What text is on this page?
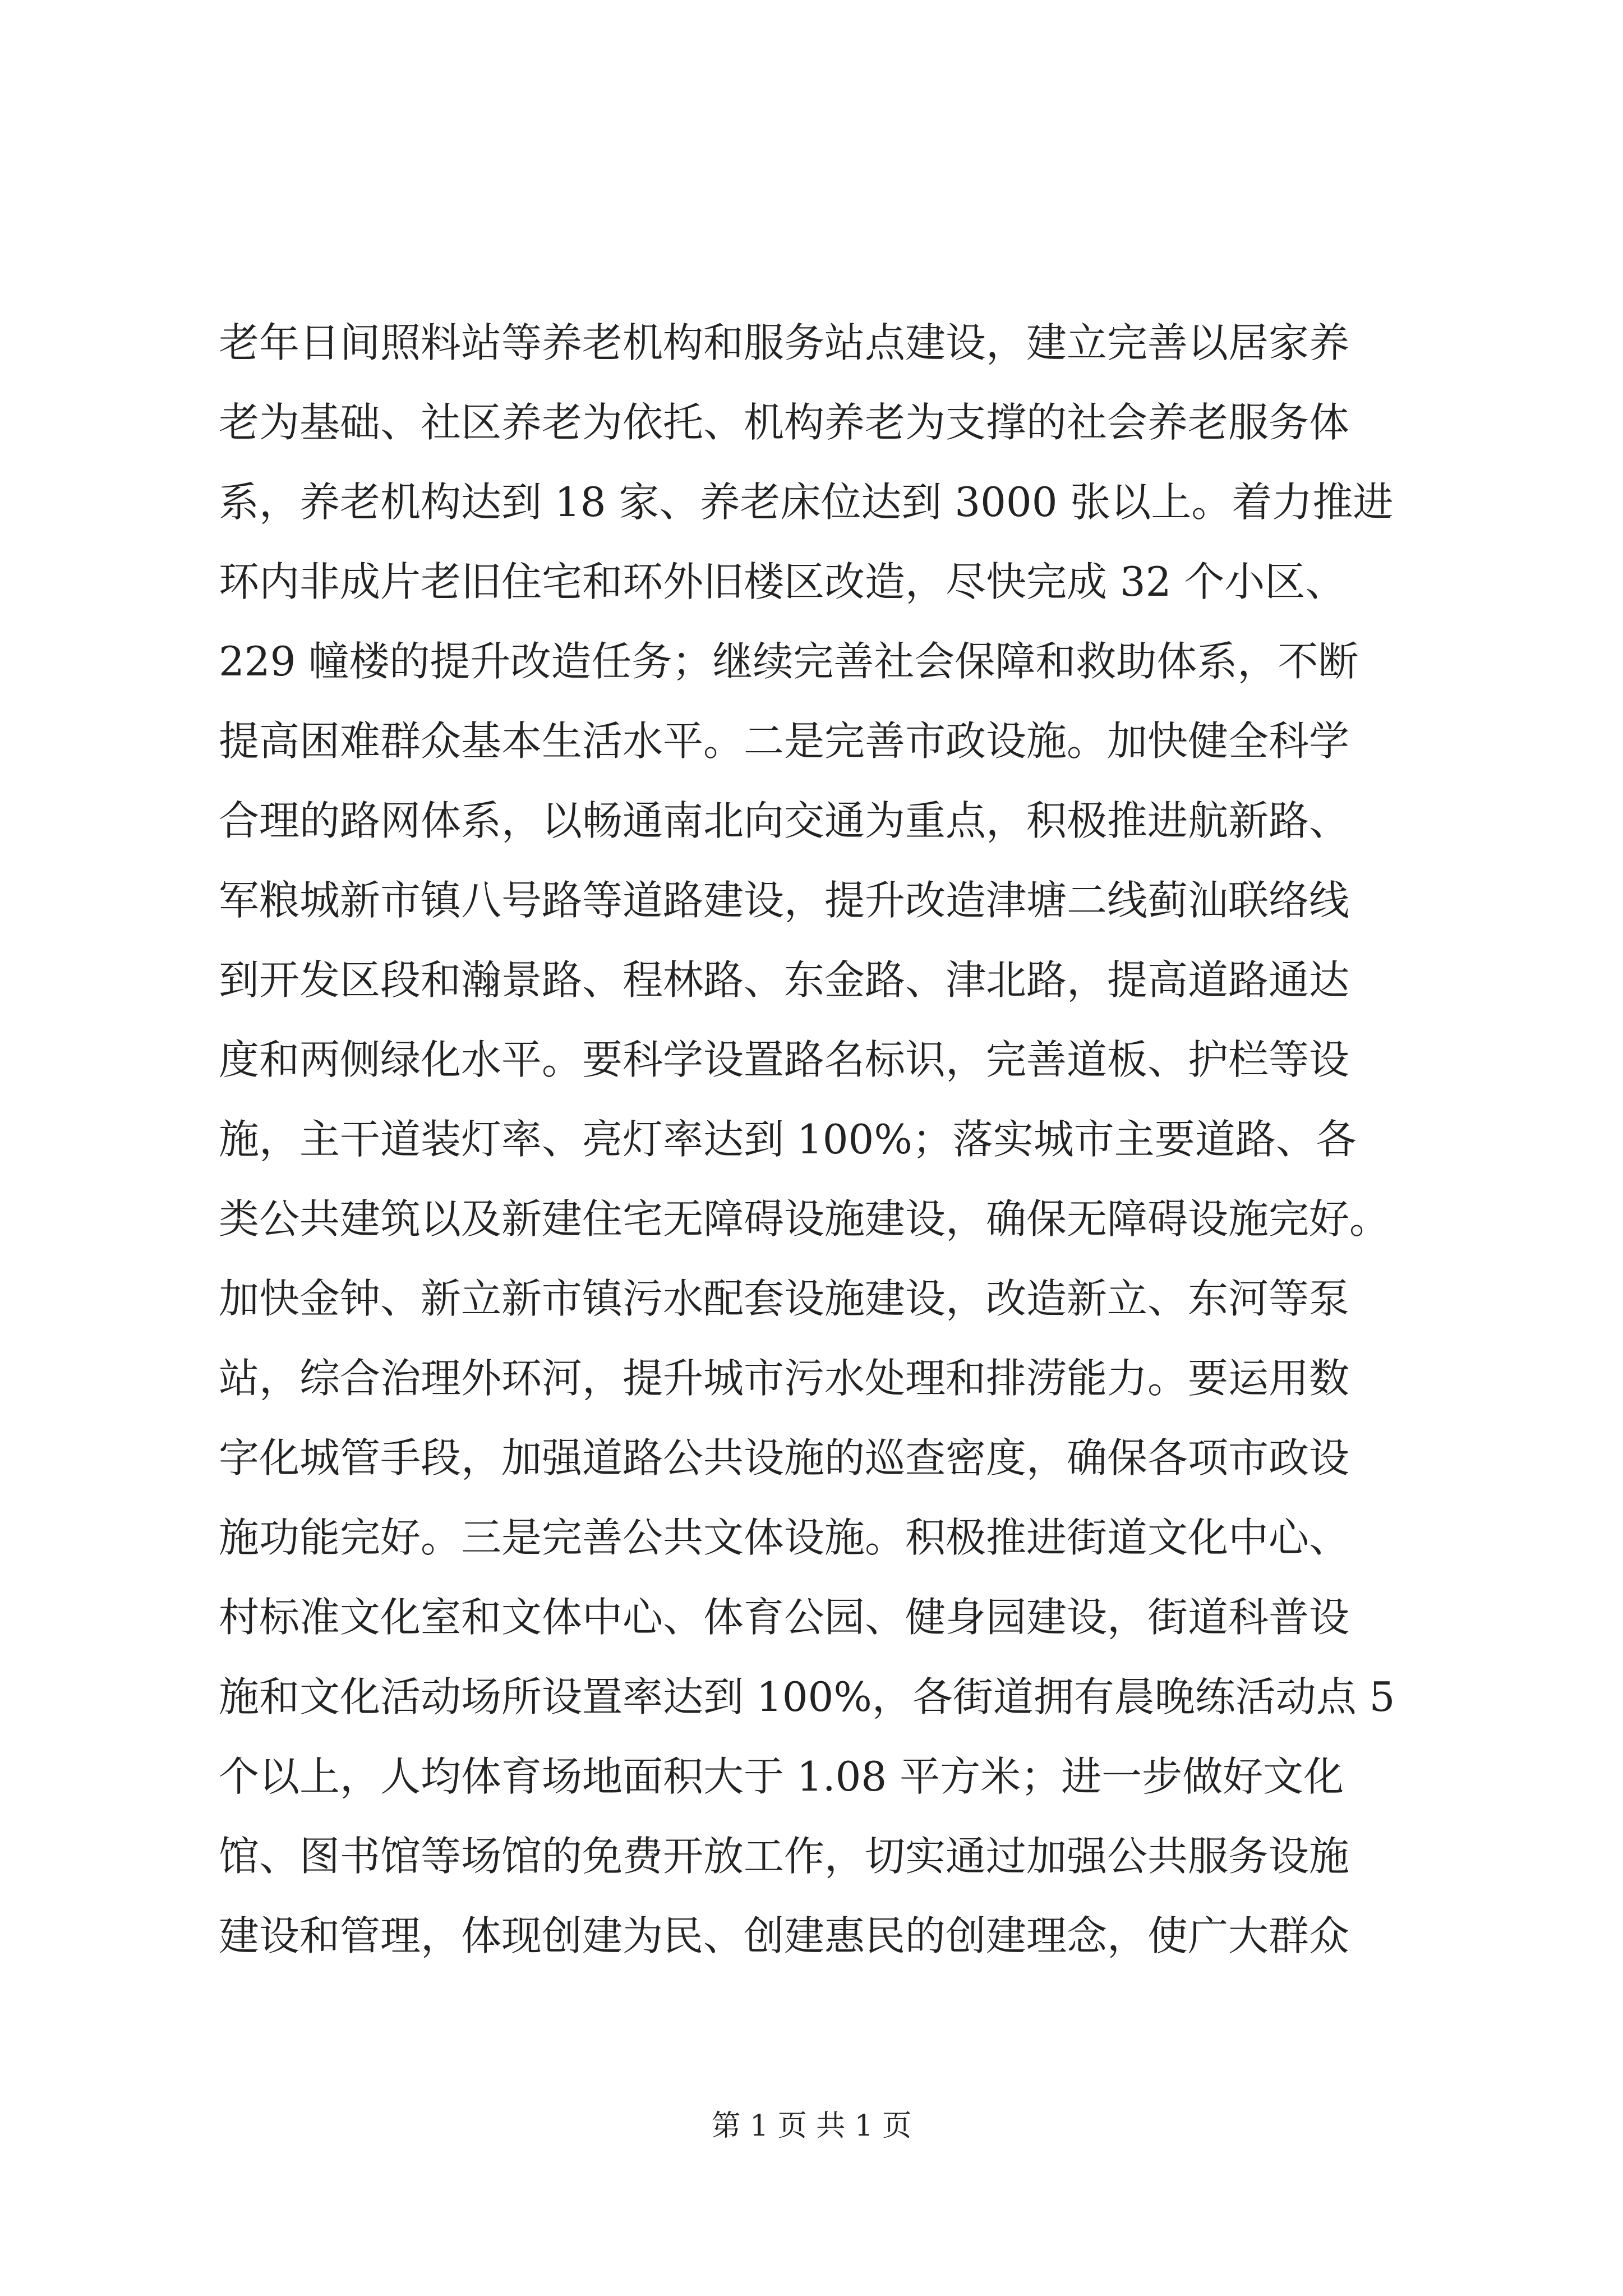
老年日间照料站等养老机构和服务站点建设，建立完善以居家养
老为基础、社区养老为依托、机构养老为支撑的社会养老服务体
系，养老机构达到 18 家、养老床位达到 3000 张以上。着力推进
环内非成片老旧住宅和环外旧楼区改造，尽快完成 32 个小区、
229 幢楼的提升改造任务；继续完善社会保障和救助体系，不断
提高困难群众基本生活水平。二是完善市政设施。加快健全科学
合理的路网体系，以畅通南北向交通为重点，积极推进航新路、
军粮城新市镇八号路等道路建设，提升改造津塘二线蓟汕联络线
到开发区段和瀚景路、程林路、东金路、津北路，提高道路通达
度和两侧绿化水平。要科学设置路名标识，完善道板、护栏等设
施，主干道装灯率、亮灯率达到 100%；落实城市主要道路、各
类公共建筑以及新建住宅无障碍设施建设，确保无障碍设施完好。
加快金钟、新立新市镇污水配套设施建设，改造新立、东河等泵
站，综合治理外环河，提升城市污水处理和排涝能力。要运用数
字化城管手段，加强道路公共设施的巡查密度，确保各项市政设
施功能完好。三是完善公共文体设施。积极推进街道文化中心、
村标准文化室和文体中心、体育公园、健身园建设，街道科普设
施和文化活动场所设置率达到 100%，各街道拥有晨晚练活动点 5
个以上，人均体育场地面积大于 1.08 平方米；进一步做好文化
馆、图书馆等场馆的免费开放工作，切实通过加强公共服务设施
建设和管理，体现创建为民、创建惠民的创建理念，使广大群众
第 1 页 共 1 页
